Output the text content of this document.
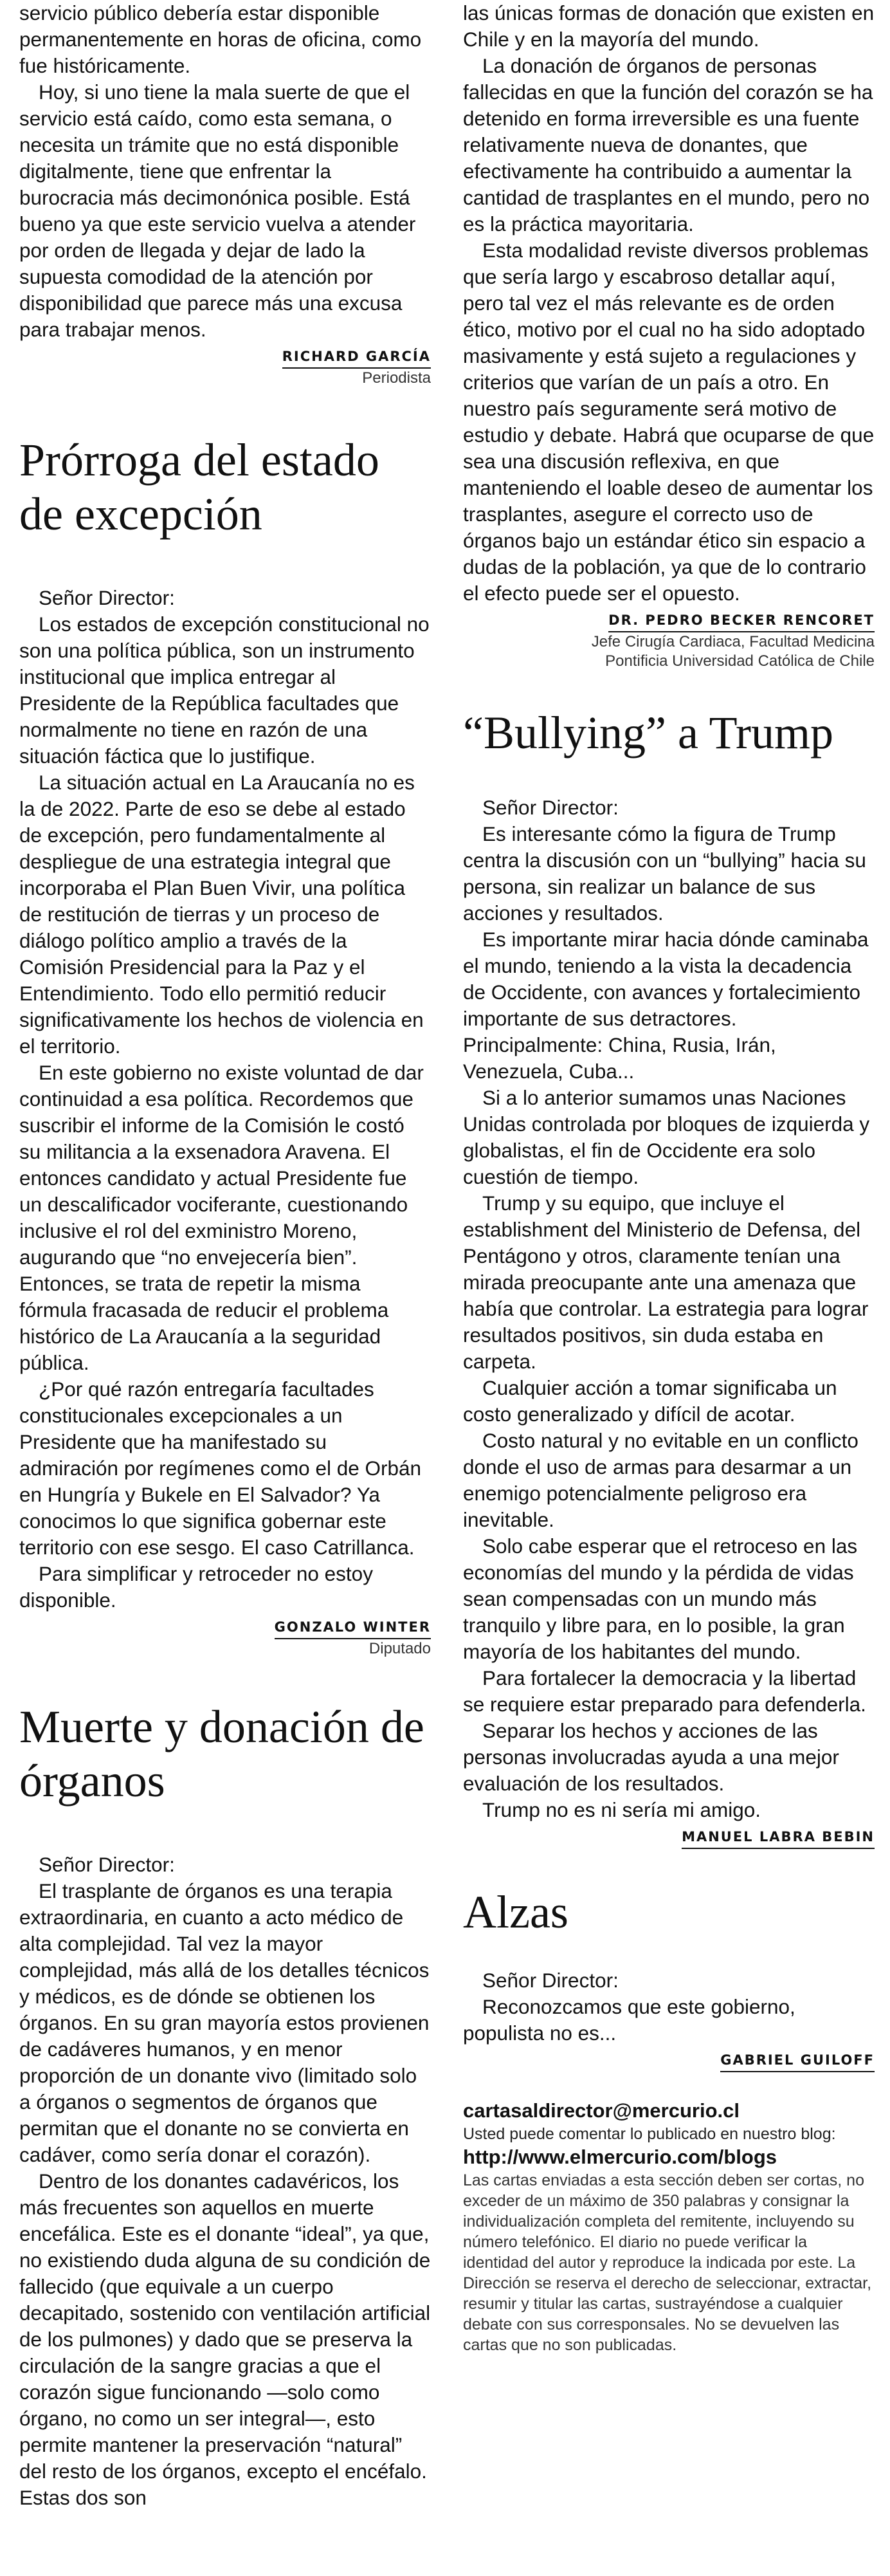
servicio público debería estar disponible permanentemente en horas de oficina, como fue históricamente.

Hoy, si uno tiene la mala suerte de que el servicio está caído, como esta semana, o necesita un trámite que no está disponible digitalmente, tiene que enfrentar la burocracia más decimonónica posible. Está bueno ya que este servicio vuelva a atender por orden de llegada y dejar de lado la supuesta comodidad de la atención por disponibilidad que parece más una excusa para trabajar menos.

RICHARD GARCÍA
Periodista
Prórroga del estado de excepción

Señor Director:

Los estados de excepción constitucional no son una política pública, son un instrumento institucional que implica entregar al Presidente de la República facultades que normalmente no tiene en razón de una situación fáctica que lo justifique.

La situación actual en La Araucanía no es la de 2022. Parte de eso se debe al estado de excepción, pero fundamentalmente al despliegue de una estrategia integral que incorporaba el Plan Buen Vivir, una política de restitución de tierras y un proceso de diálogo político amplio a través de la Comisión Presidencial para la Paz y el Entendimiento. Todo ello permitió reducir significativamente los hechos de violencia en el territorio.

En este gobierno no existe voluntad de dar continuidad a esa política. Recordemos que suscribir el informe de la Comisión le costó su militancia a la exsenadora Aravena. El entonces candidato y actual Presidente fue un descalificador vociferante, cuestionando inclusive el rol del exministro Moreno, augurando que “no envejecería bien”. Entonces, se trata de repetir la misma fórmula fracasada de reducir el problema histórico de La Araucanía a la seguridad pública.

¿Por qué razón entregaría facultades constitucionales excepcionales a un Presidente que ha manifestado su admiración por regímenes como el de Orbán en Hungría y Bukele en El Salvador? Ya conocimos lo que significa gobernar este territorio con ese sesgo. El caso Catrillanca.

Para simplificar y retroceder no estoy disponible.

GONZALO WINTER
Diputado
Muerte y donación de órganos

Señor Director:

El trasplante de órganos es una terapia extraordinaria, en cuanto a acto médico de alta complejidad. Tal vez la mayor complejidad, más allá de los detalles técnicos y médicos, es de dónde se obtienen los órganos. En su gran mayoría estos provienen de cadáveres humanos, y en menor proporción de un donante vivo (limitado solo a órganos o segmentos de órganos que permitan que el donante no se convierta en cadáver, como sería donar el corazón).

Dentro de los donantes cadavéricos, los más frecuentes son aquellos en muerte encefálica. Este es el donante “ideal”, ya que, no existiendo duda alguna de su condición de fallecido (que equivale a un cuerpo decapitado, sostenido con ventilación artificial de los pulmones) y dado que se preserva la circulación de la sangre gracias a que el corazón sigue funcionando —solo como órgano, no como un ser integral—, esto permite mantener la preservación “natural” del resto de los órganos, excepto el encéfalo. Estas dos son

las únicas formas de donación que existen en Chile y en la mayoría del mundo.

La donación de órganos de personas fallecidas en que la función del corazón se ha detenido en forma irreversible es una fuente relativamente nueva de donantes, que efectivamente ha contribuido a aumentar la cantidad de trasplantes en el mundo, pero no es la práctica mayoritaria.

Esta modalidad reviste diversos problemas que sería largo y escabroso detallar aquí, pero tal vez el más relevante es de orden ético, motivo por el cual no ha sido adoptado masivamente y está sujeto a regulaciones y criterios que varían de un país a otro. En nuestro país seguramente será motivo de estudio y debate. Habrá que ocuparse de que sea una discusión reflexiva, en que manteniendo el loable deseo de aumentar los trasplantes, asegure el correcto uso de órganos bajo un estándar ético sin espacio a dudas de la población, ya que de lo contrario el efecto puede ser el opuesto.

DR. PEDRO BECKER RENCORET
Jefe Cirugía Cardiaca, Facultad Medicina
Pontificia Universidad Católica de Chile
“Bullying” a Trump

Señor Director:

Es interesante cómo la figura de Trump centra la discusión con un “bullying” hacia su persona, sin realizar un balance de sus acciones y resultados.

Es importante mirar hacia dónde caminaba el mundo, teniendo a la vista la decadencia de Occidente, con avances y fortalecimiento importante de sus detractores. Principalmente: China, Rusia, Irán, Venezuela, Cuba...

Si a lo anterior sumamos unas Naciones Unidas controlada por bloques de izquierda y globalistas, el fin de Occidente era solo cuestión de tiempo.

Trump y su equipo, que incluye el establishment del Ministerio de Defensa, del Pentágono y otros, claramente tenían una mirada preocupante ante una amenaza que había que controlar. La estrategia para lograr resultados positivos, sin duda estaba en carpeta.

Cualquier acción a tomar significaba un costo generalizado y difícil de acotar.

Costo natural y no evitable en un conflicto donde el uso de armas para desarmar a un enemigo potencialmente peligroso era inevitable.

Solo cabe esperar que el retroceso en las economías del mundo y la pérdida de vidas sean compensadas con un mundo más tranquilo y libre para, en lo posible, la gran mayoría de los habitantes del mundo.

Para fortalecer la democracia y la libertad se requiere estar preparado para defenderla.

Separar los hechos y acciones de las personas involucradas ayuda a una mejor evaluación de los resultados.

Trump no es ni sería mi amigo.

MANUEL LABRA BEBIN
Alzas

Señor Director:

Reconozcamos que este gobierno, populista no es...

GABRIEL GUILOFF
cartasaldirector@mercurio.cl

Usted puede comentar lo publicado en nuestro blog:

http://www.elmercurio.com/blogs

Las cartas enviadas a esta sección deben ser cortas, no exceder de un máximo de 350 palabras y consignar la individualización completa del remitente, incluyendo su número telefónico. El diario no puede verificar la identidad del autor y reproduce la indicada por este. La Dirección se reserva el derecho de seleccionar, extractar, resumir y titular las cartas, sustrayéndose a cualquier debate con sus corresponsales. No se devuelven las cartas que no son publicadas.
